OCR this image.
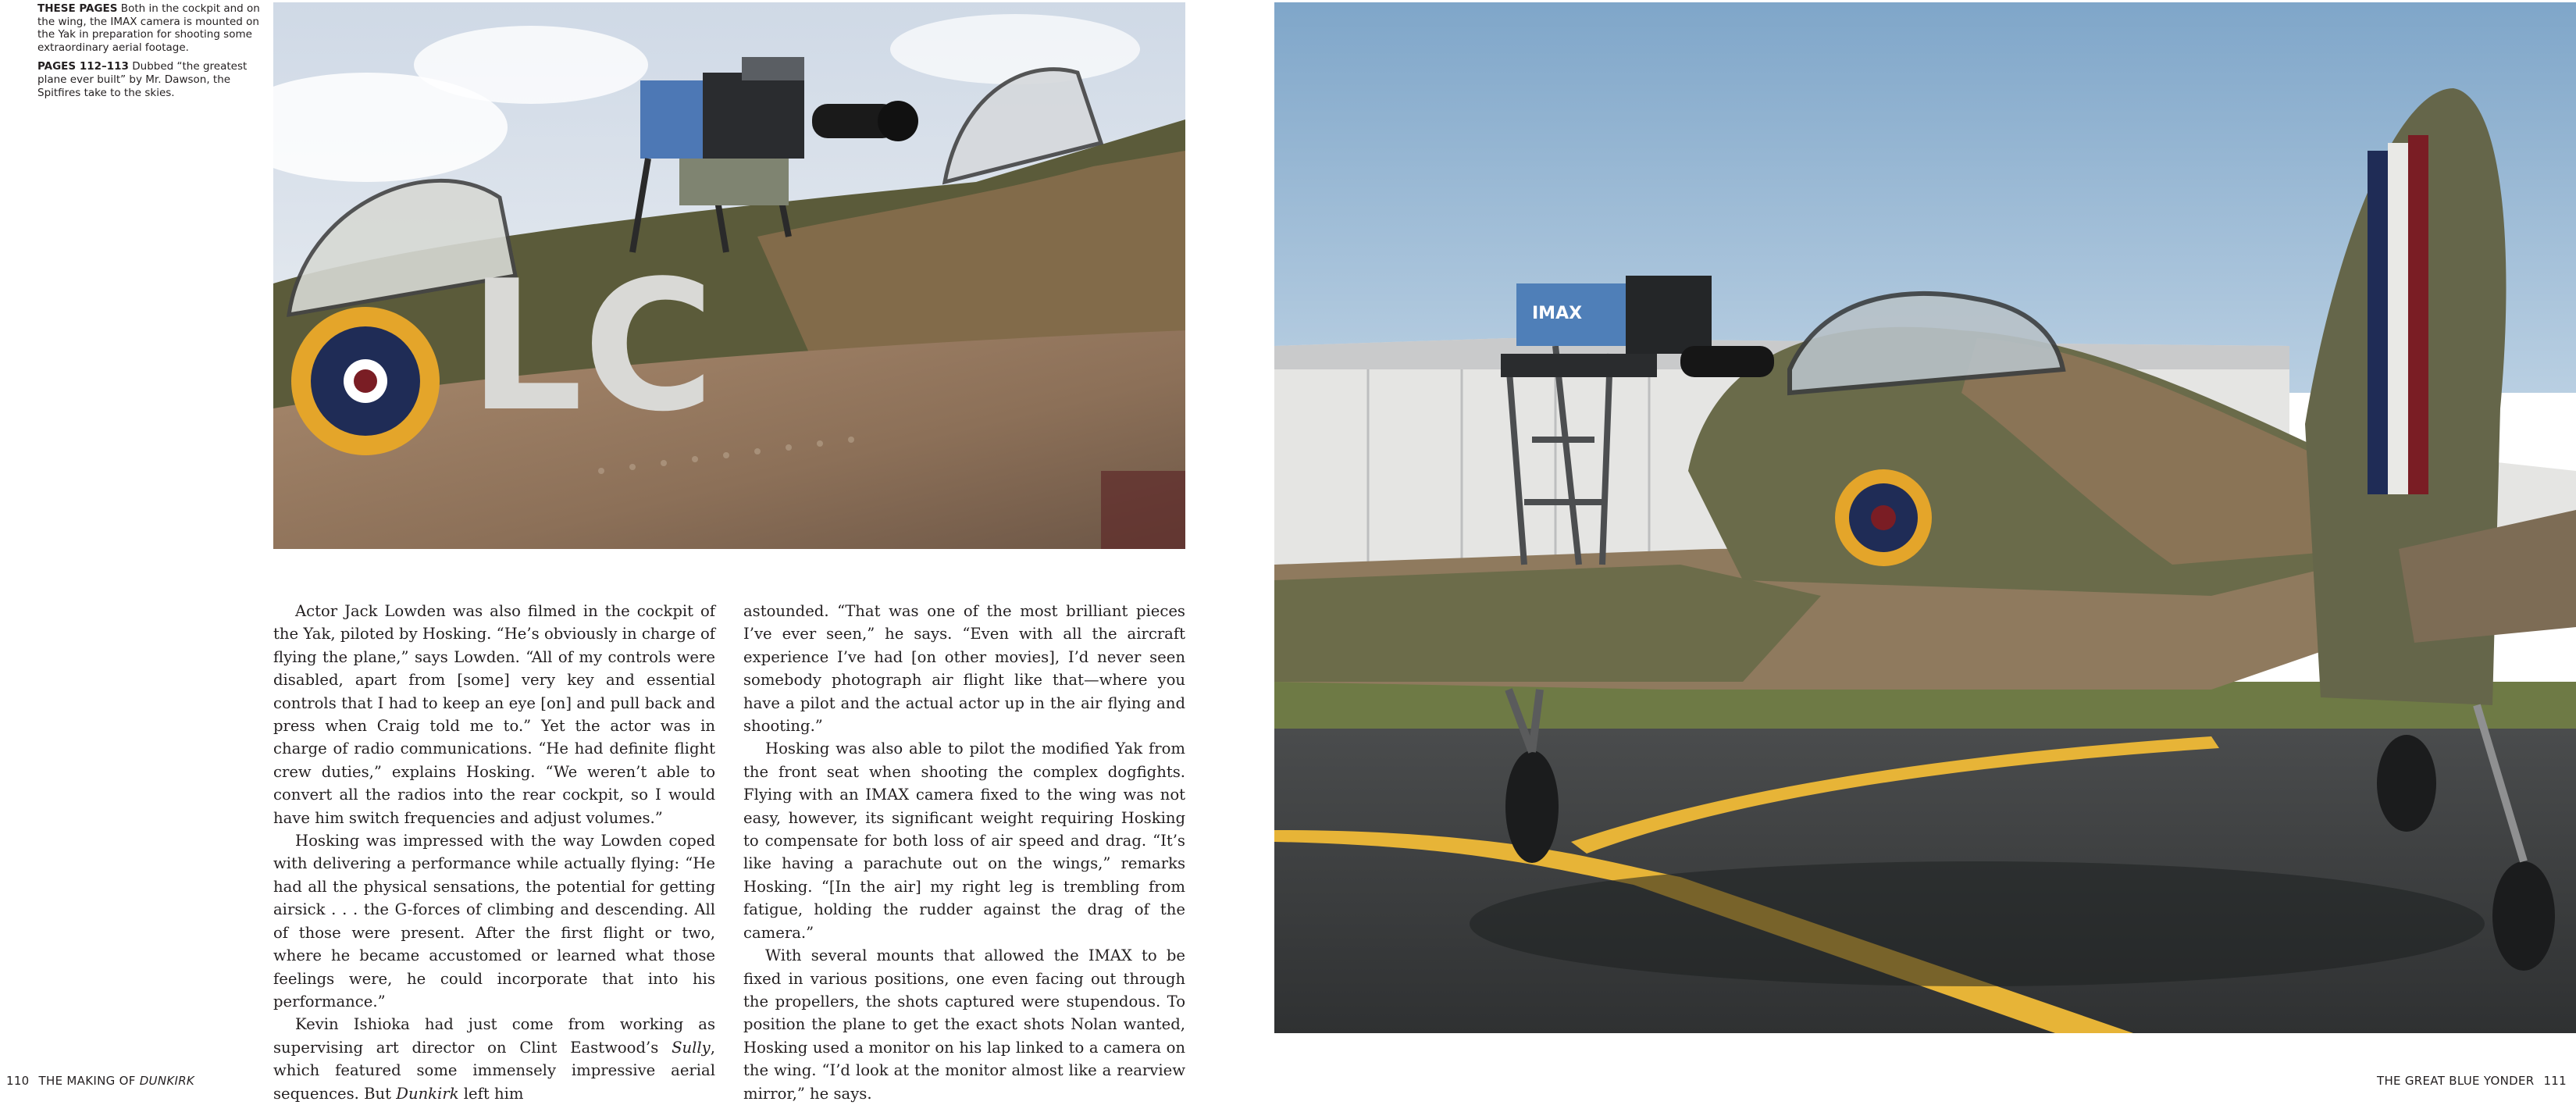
THESE PAGES Both in the cockpit and on the wing, the IMAX camera is mounted on the Yak in preparation for shooting some extraordinary aerial footage.

PAGES 112–113 Dubbed “the greatest plane ever built” by Mr. Dawson, the Spitfires take to the skies.

LC	IMAX

Actor Jack Lowden was also filmed in the cockpit of the Yak, piloted by Hosking. “He’s obviously in charge of flying the plane,” says Lowden. “All of my controls were disabled, apart from [some] very key and essential controls that I had to keep an eye [on] and pull back and press when Craig told me to.” Yet the actor was in charge of radio communications. “He had definite flight crew duties,” explains Hosking. “We weren’t able to convert all the radios into the rear cockpit, so I would have him switch frequencies and adjust volumes.”

Hosking was impressed with the way Lowden coped with delivering a performance while actually flying: “He had all the physical sensations, the potential for getting airsick . . . the G-forces of climbing and descending. All of those were present. After the first flight or two, where he became accustomed or learned what those feelings were, he could incorporate that into his performance.”

Kevin Ishioka had just come from working as supervising art director on Clint Eastwood’s Sully, which featured some immensely impressive aerial sequences. But Dunkirk left him

astounded. “That was one of the most brilliant pieces I’ve ever seen,” he says. “Even with all the aircraft experience I’ve had [on other movies], I’d never seen somebody photograph air flight like that—where you have a pilot and the actual actor up in the air flying and shooting.”

Hosking was also able to pilot the modified Yak from the front seat when shooting the complex dogfights. Flying with an IMAX camera fixed to the wing was not easy, however, its significant weight requiring Hosking to compensate for both loss of air speed and drag. “It’s like having a parachute out on the wings,” remarks Hosking. “[In the air] my right leg is trembling from fatigue, holding the rudder against the drag of the camera.”

With several mounts that allowed the IMAX to be fixed in various positions, one even facing out through the propellers, the shots captured were stupendous. To position the plane to get the exact shots Nolan wanted, Hosking used a monitor on his lap linked to a camera on the wing. “I’d look at the monitor almost like a rearview mirror,” he says.

110 THE MAKING OF DUNKIRK	THE GREAT BLUE YONDER 111
